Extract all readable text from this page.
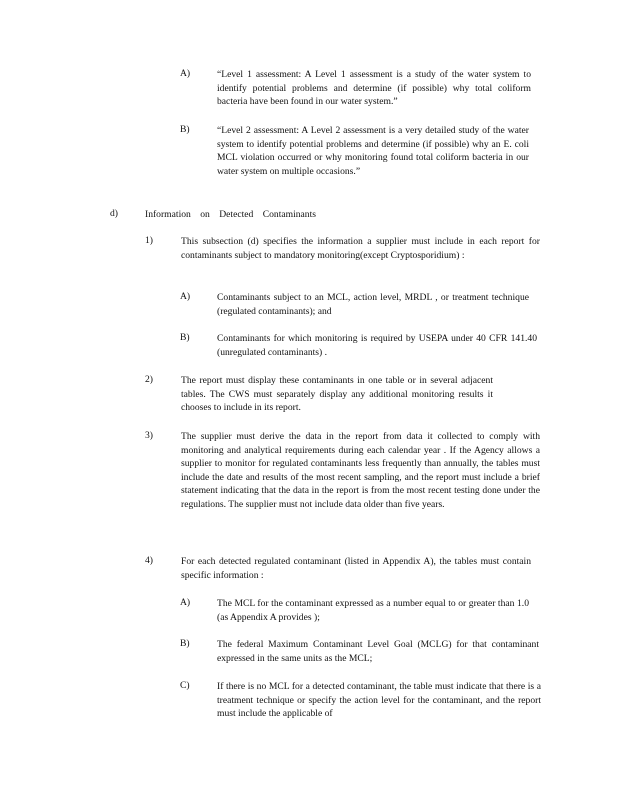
A)	“Level 1 assessment: A Level 1 assessment is a study of the water system to identify potential problems and determine (if possible) why total coliform bacteria have been found in our water system.”

B)	“Level 2 assessment: A Level 2 assessment is a very detailed study of the water system to identify potential problems and determine (if possible) why an E. coli MCL violation occurred or why monitoring found total coliform bacteria in our water system on multiple occasions.”

d)	Information on Detected Contaminants

1)	This subsection (d) specifies the information a supplier must include in each report for contaminants subject to mandatory monitoring(except Cryptosporidium) :

A)	Contaminants subject to an MCL, action level, MRDL , or treatment technique (regulated contaminants); and

B)	Contaminants for which monitoring is required by USEPA under 40 CFR 141.40 (unregulated contaminants) .

2)	The report must display these contaminants in one table or in several adjacent tables. The CWS must separately display any additional monitoring results it chooses to include in its report.

3)	The supplier must derive the data in the report from data it collected to comply with monitoring and analytical requirements during each calendar year . If the Agency allows a supplier to monitor for regulated contaminants less frequently than annually, the tables must include the date and results of the most recent sampling, and the report must include a brief statement indicating that the data in the report is from the most recent testing done under the regulations. The supplier must not include data older than five years.

4)	For each detected regulated contaminant (listed in Appendix A), the tables must contain specific information :

A)	The MCL for the contaminant expressed as a number equal to or greater than 1.0 (as Appendix A provides );

B)	The federal Maximum Contaminant Level Goal (MCLG) for that contaminant expressed in the same units as the MCL;

C)	If there is no MCL for a detected contaminant, the table must indicate that there is a treatment technique or specify the action level for the contaminant, and the report must include the applicable of
